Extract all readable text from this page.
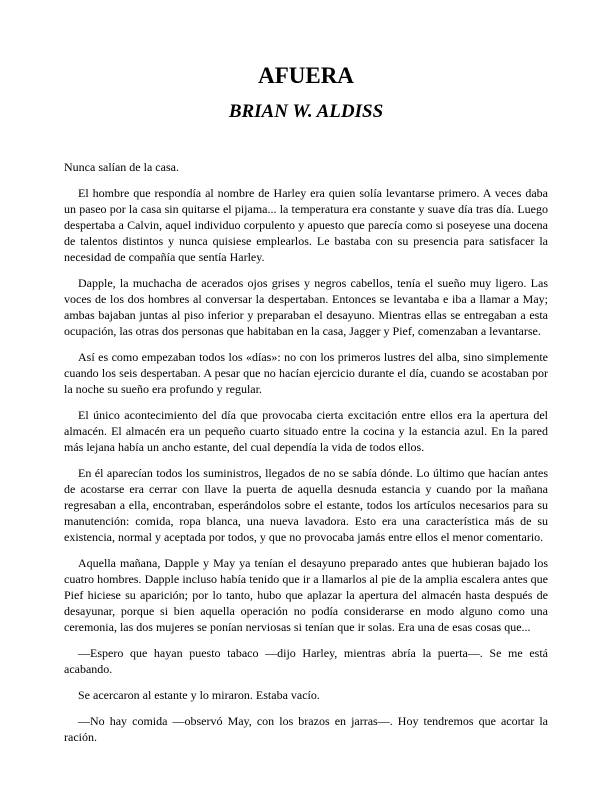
AFUERA
BRIAN W. ALDISS

Nunca salían de la casa.

El hombre que respondía al nombre de Harley era quien solía levantarse primero. A veces daba un paseo por la casa sin quitarse el pijama... la temperatura era constante y suave día tras día. Luego despertaba a Calvin, aquel individuo corpulento y apuesto que parecía como si poseyese una docena de talentos distintos y nunca quisiese emplearlos. Le bastaba con su presencia para satisfacer la necesidad de compañía que sentía Harley.

Dapple, la muchacha de acerados ojos grises y negros cabellos, tenía el sueño muy ligero. Las voces de los dos hombres al conversar la despertaban. Entonces se levantaba e iba a llamar a May; ambas bajaban juntas al piso inferior y preparaban el desayuno. Mientras ellas se entregaban a esta ocupación, las otras dos personas que habitaban en la casa, Jagger y Pief, comenzaban a levantarse.

Así es como empezaban todos los «días»: no con los primeros lustres del alba, sino simplemente cuando los seis despertaban. A pesar que no hacían ejercicio durante el día, cuando se acostaban por la noche su sueño era profundo y regular.

El único acontecimiento del día que provocaba cierta excitación entre ellos era la apertura del almacén. El almacén era un pequeño cuarto situado entre la cocina y la estancia azul. En la pared más lejana había un ancho estante, del cual dependía la vida de todos ellos.

En él aparecían todos los suministros, llegados de no se sabía dónde. Lo último que hacían antes de acostarse era cerrar con llave la puerta de aquella desnuda estancia y cuando por la mañana regresaban a ella, encontraban, esperándolos sobre el estante, todos los artículos necesarios para su manutención: comida, ropa blanca, una nueva lavadora. Esto era una característica más de su existencia, normal y aceptada por todos, y que no provocaba jamás entre ellos el menor comentario.

Aquella mañana, Dapple y May ya tenían el desayuno preparado antes que hubieran bajado los cuatro hombres. Dapple incluso había tenido que ir a llamarlos al pie de la amplia escalera antes que Pief hiciese su aparición; por lo tanto, hubo que aplazar la apertura del almacén hasta después de desayunar, porque si bien aquella operación no podía considerarse en modo alguno como una ceremonia, las dos mujeres se ponían nerviosas si tenían que ir solas. Era una de esas cosas que...

—Espero que hayan puesto tabaco —dijo Harley, mientras abría la puerta—. Se me está acabando.

Se acercaron al estante y lo miraron. Estaba vacío.

—No hay comida —observó May, con los brazos en jarras—. Hoy tendremos que acortar la ración.
